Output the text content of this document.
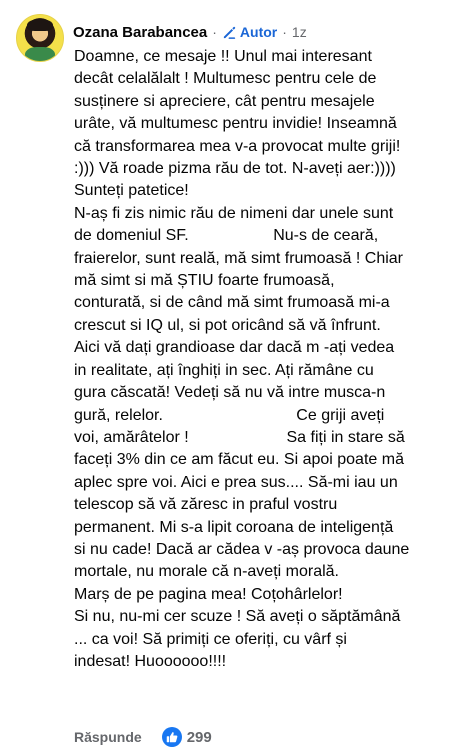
Ozana Barabancea · Autor · 1z

Doamne, ce mesaje !! Unul mai interesant

decât celalălalt ! Multumesc pentru cele de

susținere si apreciere, cât pentru mesajele

urâte, vă multumesc pentru invidie! Inseamnă

că transformarea mea v-a provocat multe griji!

:))) Vă roade pizma rău de tot. N-aveți aer:))))

Sunteți patetice!

N-aș fi zis nimic rău de nimeni dar unele sunt

de domeniul SF.                   Nu-s de ceară,

fraierelor, sunt reală, mă simt frumoasă ! Chiar

mă simt si mă ȘTIU foarte frumoasă,

conturată, si de când mă simt frumoasă mi-a

crescut si IQ ul, si pot oricând să vă înfrunt.

Aici vă dați grandioase dar dacă m -ați vedea

in realitate, ați înghiți in sec. Ați rămâne cu

gura căscată! Vedeți să nu vă intre musca-n

gură, relelor.                              Ce griji aveți

voi, amărâtelor !                      Sa fiți in stare să

faceți 3% din ce am făcut eu. Si apoi poate mă

aplec spre voi. Aici e prea sus.... Să-mi iau un

telescop să vă zăresc in praful vostru

permanent. Mi s-a lipit coroana de inteligență

si nu cade! Dacă ar cădea v -aș provoca daune

mortale, nu morale că n-aveți morală.

Marș de pe pagina mea! Coțohârlelor!

Si nu, nu-mi cer scuze ! Să aveți o săptămână

... ca voi! Să primiți ce oferiți, cu vârf și

indesat! Huoooooo!!!!

Răspunde	299
